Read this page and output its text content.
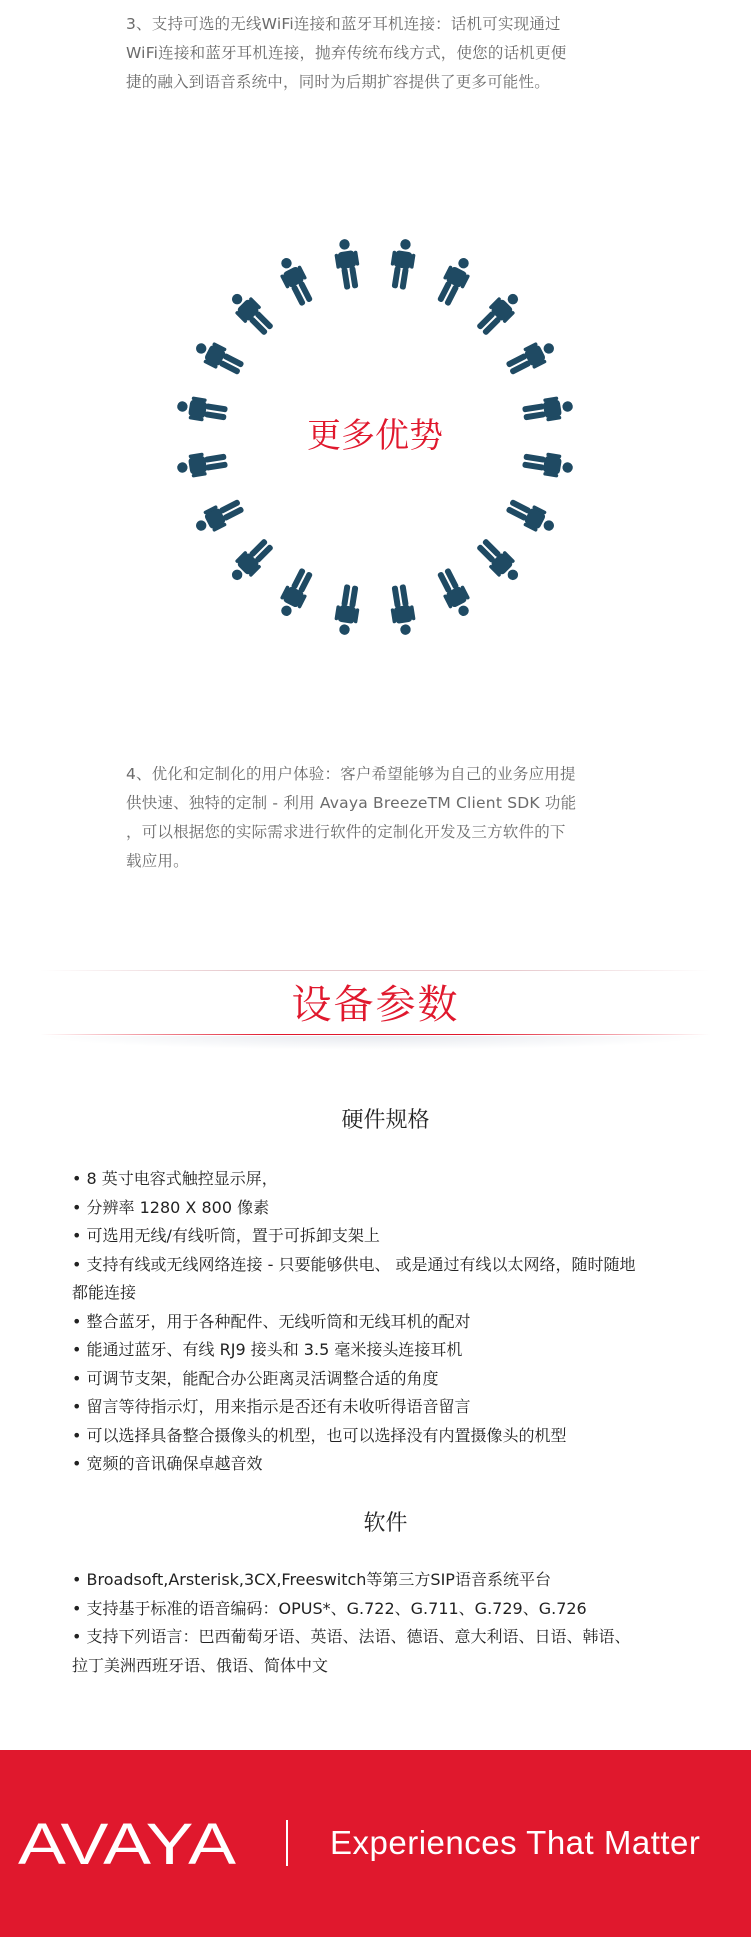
3、支持可选的无线WiFi连接和蓝牙耳机连接：话机可实现通过

WiFi连接和蓝牙耳机连接，抛弃传统布线方式，使您的话机更便

捷的融入到语音系统中，同时为后期扩容提供了更多可能性。

更多优势

4、优化和定制化的用户体验：客户希望能够为自己的业务应用提

供快速、独特的定制 - 利用 Avaya BreezeTM Client SDK 功能

，可以根据您的实际需求进行软件的定制化开发及三方软件的下

载应用。

设备参数
硬件规格
• 8 英寸电容式触控显示屏，
• 分辨率 1280 X 800 像素
• 可选用无线/有线听筒，置于可拆卸支架上
• 支持有线或无线网络连接 - 只要能够供电、 或是通过有线以太网络，随时随地
都能连接
• 整合蓝牙，用于各种配件、无线听筒和无线耳机的配对
• 能通过蓝牙、有线 RJ9 接头和 3.5 毫米接头连接耳机
• 可调节支架，能配合办公距离灵活调整合适的角度
• 留言等待指示灯，用来指示是否还有未收听得语音留言
• 可以选择具备整合摄像头的机型，也可以选择没有内置摄像头的机型
• 宽频的音讯确保卓越音效
软件
• Broadsoft,Arsterisk,3CX,Freeswitch等第三方SIP语音系统平台
• 支持基于标准的语音编码：OPUS*、G.722、G.711、G.729、G.726
• 支持下列语言：巴西葡萄牙语、英语、法语、德语、意大利语、日语、韩语、
拉丁美洲西班牙语、俄语、简体中文
AVAYA	Experiences That Matter
